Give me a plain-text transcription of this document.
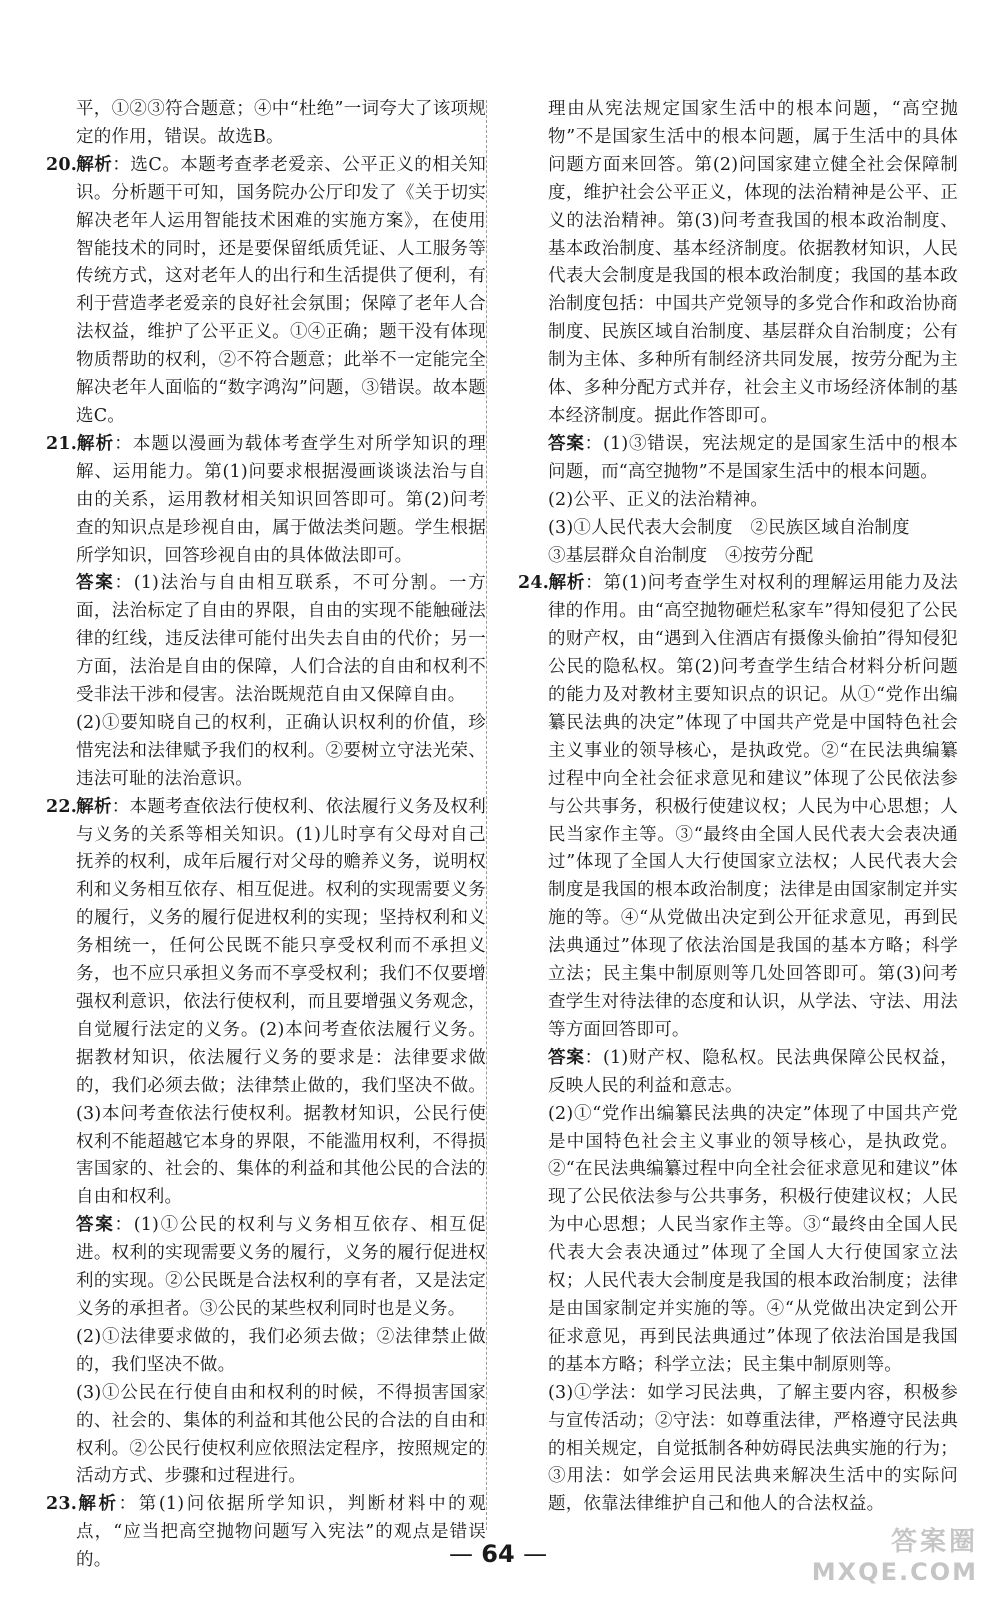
平，①②③符合题意；④中“杜绝”一词夸大了该项规定的作用，错误。故选B。

20.解析：选C。本题考查孝老爱亲、公平正义的相关知识。分析题干可知，国务院办公厅印发了《关于切实解决老年人运用智能技术困难的实施方案》，在使用智能技术的同时，还是要保留纸质凭证、人工服务等传统方式，这对老年人的出行和生活提供了便利，有利于营造孝老爱亲的良好社会氛围；保障了老年人合法权益，维护了公平正义。①④正确；题干没有体现物质帮助的权利，②不符合题意；此举不一定能完全解决老年人面临的“数字鸿沟”问题，③错误。故本题选C。

21.解析：本题以漫画为载体考查学生对所学知识的理解、运用能力。第(1)问要求根据漫画谈谈法治与自由的关系，运用教材相关知识回答即可。第(2)问考查的知识点是珍视自由，属于做法类问题。学生根据所学知识，回答珍视自由的具体做法即可。

答案：(1)法治与自由相互联系，不可分割。一方面，法治标定了自由的界限，自由的实现不能触碰法律的红线，违反法律可能付出失去自由的代价；另一方面，法治是自由的保障，人们合法的自由和权利不受非法干涉和侵害。法治既规范自由又保障自由。

(2)①要知晓自己的权利，正确认识权利的价值，珍惜宪法和法律赋予我们的权利。②要树立守法光荣、违法可耻的法治意识。

22.解析：本题考查依法行使权利、依法履行义务及权利与义务的关系等相关知识。(1)儿时享有父母对自己抚养的权利，成年后履行对父母的赡养义务，说明权利和义务相互依存、相互促进。权利的实现需要义务的履行，义务的履行促进权利的实现；坚持权利和义务相统一，任何公民既不能只享受权利而不承担义务，也不应只承担义务而不享受权利；我们不仅要增强权利意识，依法行使权利，而且要增强义务观念，自觉履行法定的义务。(2)本问考查依法履行义务。据教材知识，依法履行义务的要求是：法律要求做的，我们必须去做；法律禁止做的，我们坚决不做。(3)本问考查依法行使权利。据教材知识，公民行使权利不能超越它本身的界限，不能滥用权利，不得损害国家的、社会的、集体的利益和其他公民的合法的自由和权利。

答案：(1)①公民的权利与义务相互依存、相互促进。权利的实现需要义务的履行，义务的履行促进权利的实现。②公民既是合法权利的享有者，又是法定义务的承担者。③公民的某些权利同时也是义务。

(2)①法律要求做的，我们必须去做；②法律禁止做的，我们坚决不做。

(3)①公民在行使自由和权利的时候，不得损害国家的、社会的、集体的利益和其他公民的合法的自由和权利。②公民行使权利应依照法定程序，按照规定的活动方式、步骤和过程进行。

23.解析：第(1)问依据所学知识，判断材料中的观点，“应当把高空抛物问题写入宪法”的观点是错误的。

理由从宪法规定国家生活中的根本问题，“高空抛物”不是国家生活中的根本问题，属于生活中的具体问题方面来回答。第(2)问国家建立健全社会保障制度，维护社会公平正义，体现的法治精神是公平、正义的法治精神。第(3)问考查我国的根本政治制度、基本政治制度、基本经济制度。依据教材知识，人民代表大会制度是我国的根本政治制度；我国的基本政治制度包括：中国共产党领导的多党合作和政治协商制度、民族区域自治制度、基层群众自治制度；公有制为主体、多种所有制经济共同发展，按劳分配为主体、多种分配方式并存，社会主义市场经济体制的基本经济制度。据此作答即可。

答案：(1)③错误，宪法规定的是国家生活中的根本问题，而“高空抛物”不是国家生活中的根本问题。

(2)公平、正义的法治精神。

(3)①人民代表大会制度　②民族区域自治制度

③基层群众自治制度　④按劳分配

24.解析：第(1)问考查学生对权利的理解运用能力及法律的作用。由“高空抛物砸烂私家车”得知侵犯了公民的财产权，由“遇到入住酒店有摄像头偷拍”得知侵犯公民的隐私权。第(2)问考查学生结合材料分析问题的能力及对教材主要知识点的识记。从①“党作出编纂民法典的决定”体现了中国共产党是中国特色社会主义事业的领导核心，是执政党。②“在民法典编纂过程中向全社会征求意见和建议”体现了公民依法参与公共事务，积极行使建议权；人民为中心思想；人民当家作主等。③“最终由全国人民代表大会表决通过”体现了全国人大行使国家立法权；人民代表大会制度是我国的根本政治制度；法律是由国家制定并实施的等。④“从党做出决定到公开征求意见，再到民法典通过”体现了依法治国是我国的基本方略；科学立法；民主集中制原则等几处回答即可。第(3)问考查学生对待法律的态度和认识，从学法、守法、用法等方面回答即可。

答案：(1)财产权、隐私权。民法典保障公民权益，反映人民的利益和意志。

(2)①“党作出编纂民法典的决定”体现了中国共产党是中国特色社会主义事业的领导核心，是执政党。②“在民法典编纂过程中向全社会征求意见和建议”体现了公民依法参与公共事务，积极行使建议权；人民为中心思想；人民当家作主等。③“最终由全国人民代表大会表决通过”体现了全国人大行使国家立法权；人民代表大会制度是我国的根本政治制度；法律是由国家制定并实施的等。④“从党做出决定到公开征求意见，再到民法典通过”体现了依法治国是我国的基本方略；科学立法；民主集中制原则等。

(3)①学法：如学习民法典，了解主要内容，积极参与宣传活动；②守法：如尊重法律，严格遵守民法典的相关规定，自觉抵制各种妨碍民法典实施的行为；③用法：如学会运用民法典来解决生活中的实际问题，依靠法律维护自己和他人的合法权益。

— 64 —	答案圈
MXQE.COM
